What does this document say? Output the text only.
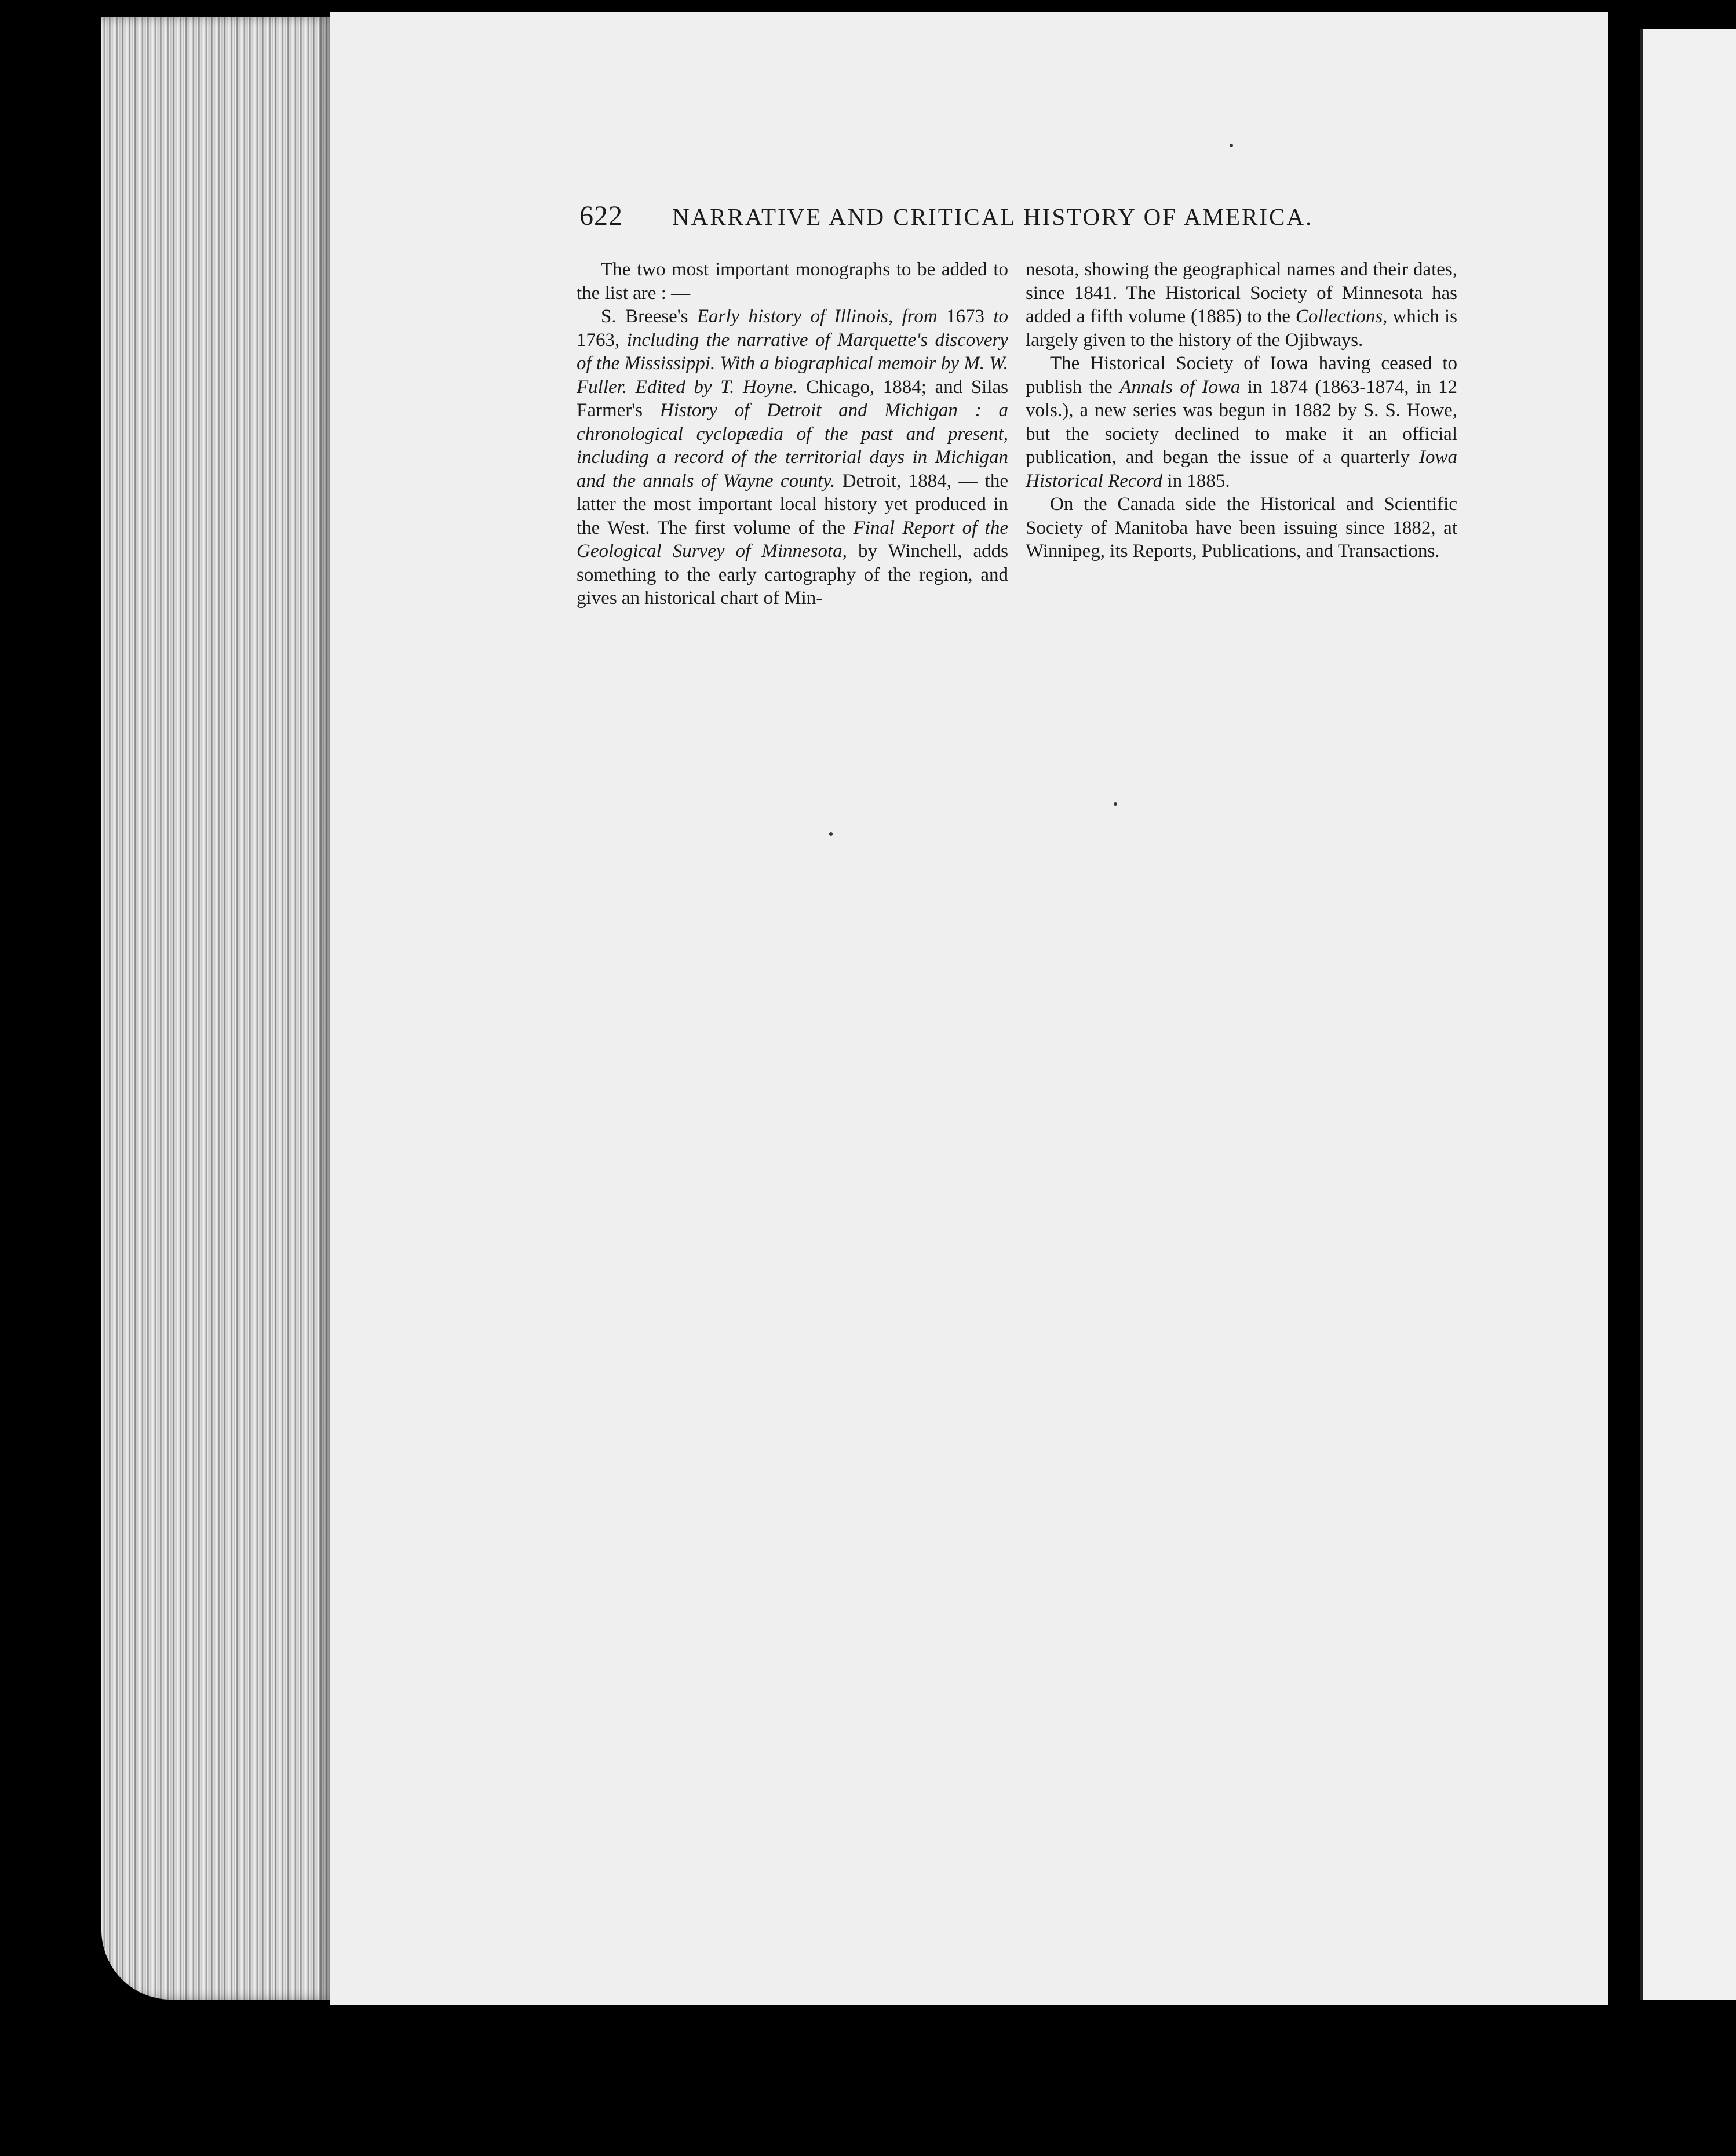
622 NARRATIVE AND CRITICAL HISTORY OF AMERICA.

The two most important monographs to be added to the list are : —

S. Breese's Early history of Illinois, from 1673 to 1763, including the narrative of Marquette's discovery of the Mississippi. With a biographical memoir by M. W. Fuller. Edited by T. Hoyne. Chicago, 1884; and Silas Farmer's History of Detroit and Michigan : a chronological cyclopædia of the past and present, including a record of the territorial days in Michigan and the annals of Wayne county. Detroit, 1884, — the latter the most important local history yet produced in the West. The first volume of the Final Report of the Geological Survey of Minnesota, by Winchell, adds something to the early cartography of the region, and gives an historical chart of Min-

nesota, showing the geographical names and their dates, since 1841. The Historical Society of Minnesota has added a fifth volume (1885) to the Collections, which is largely given to the history of the Ojibways.

The Historical Society of Iowa having ceased to publish the Annals of Iowa in 1874 (1863-1874, in 12 vols.), a new series was begun in 1882 by S. S. Howe, but the society declined to make it an official publication, and began the issue of a quarterly Iowa Historical Record in 1885.

On the Canada side the Historical and Scientific Society of Manitoba have been issuing since 1882, at Winnipeg, its Reports, Publications, and Transactions.
